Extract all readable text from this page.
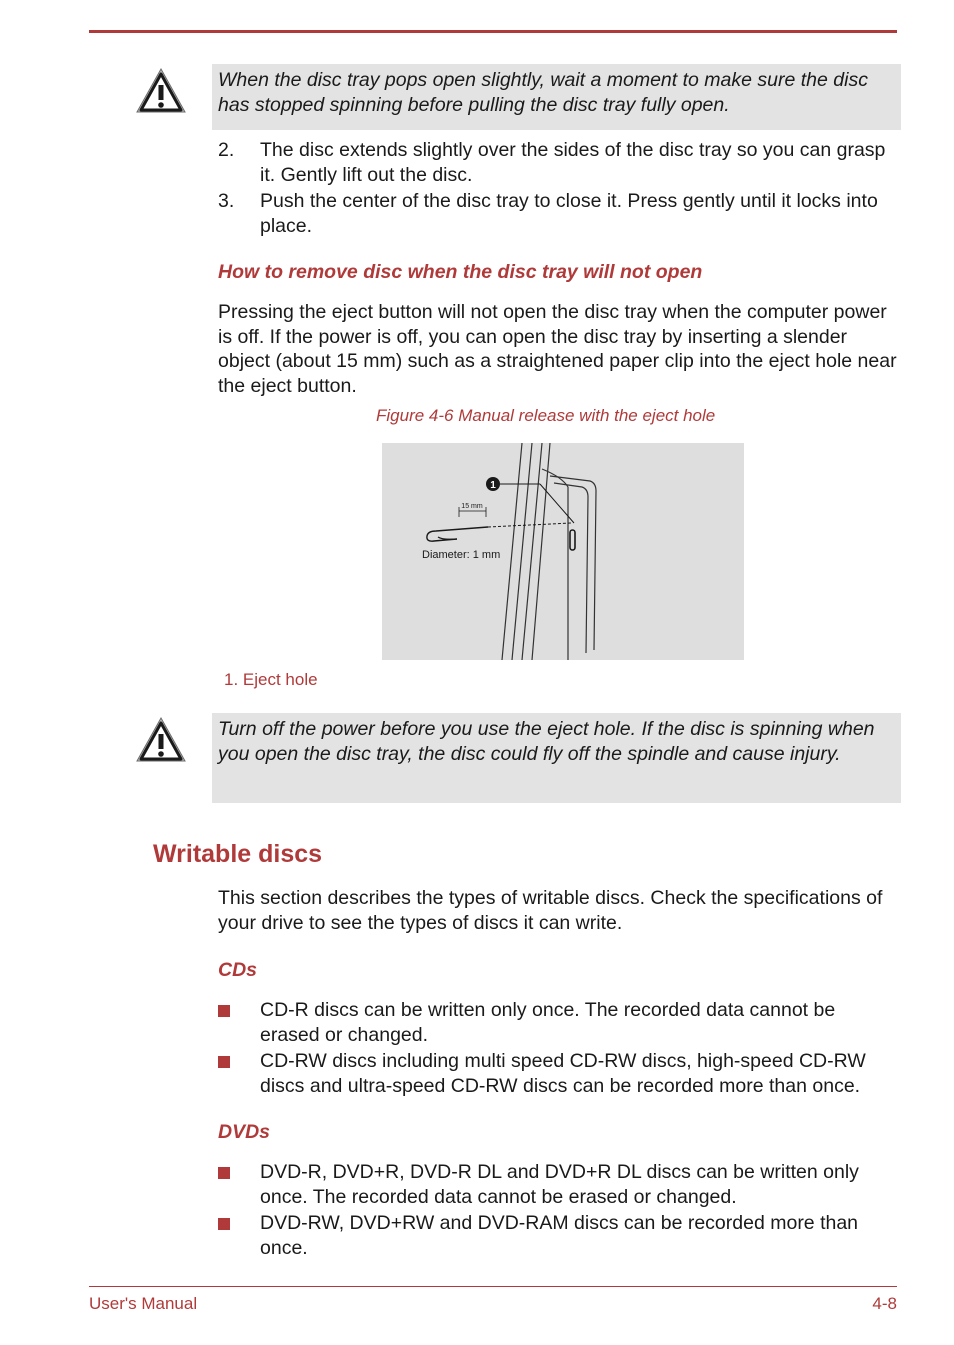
When the disc tray pops open slightly, wait a moment to make sure the disc has stopped spinning before pulling the disc tray fully open.
2. The disc extends slightly over the sides of the disc tray so you can grasp it. Gently lift out the disc.
3. Push the center of the disc tray to close it. Press gently until it locks into place.
How to remove disc when the disc tray will not open
Pressing the eject button will not open the disc tray when the computer power is off. If the power is off, you can open the disc tray by inserting a slender object (about 15 mm) such as a straightened paper clip into the eject hole near the eject button.
Figure 4-6 Manual release with the eject hole
15 mm
Diameter: 1 mm
1
1. Eject hole
Turn off the power before you use the eject hole. If the disc is spinning when you open the disc tray, the disc could fly off the spindle and cause injury.
Writable discs
This section describes the types of writable discs. Check the specifications of your drive to see the types of discs it can write.
CDs
CD-R discs can be written only once. The recorded data cannot be erased or changed.
CD-RW discs including multi speed CD-RW discs, high-speed CD-RW discs and ultra-speed CD-RW discs can be recorded more than once.
DVDs
DVD-R, DVD+R, DVD-R DL and DVD+R DL discs can be written only once. The recorded data cannot be erased or changed.
DVD-RW, DVD+RW and DVD-RAM discs can be recorded more than once.
User's Manual	4-8
